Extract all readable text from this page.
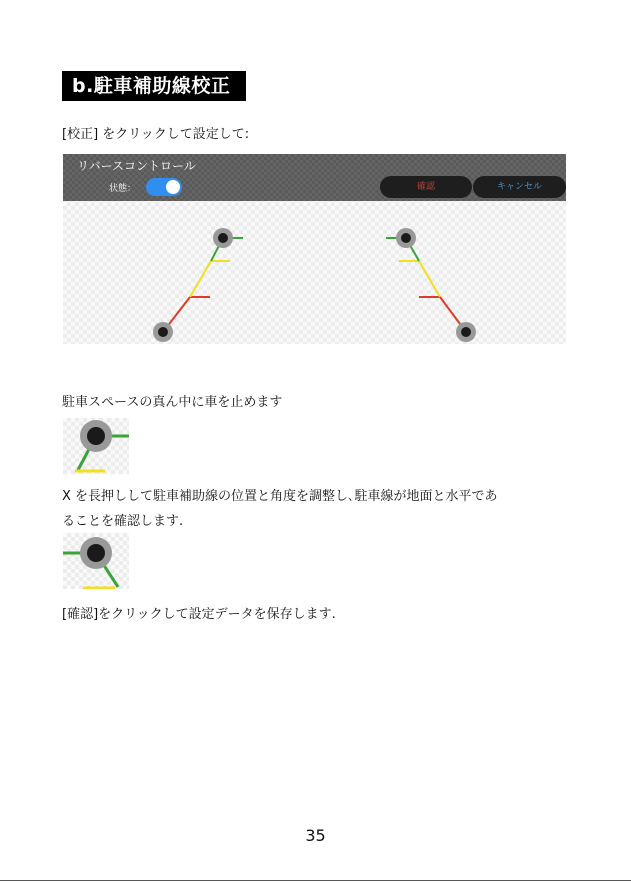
b.駐車補助線校正
[校正] をクリックして設定して:
リバースコントロール
状態：	確認	キャンセル
駐車スペースの真ん中に車を止めます
X を長押しして駐車補助線の位置と角度を調整し､駐車線が地面と水平であ
ることを確認します.
[確認]をクリックして設定データを保存します.
35
